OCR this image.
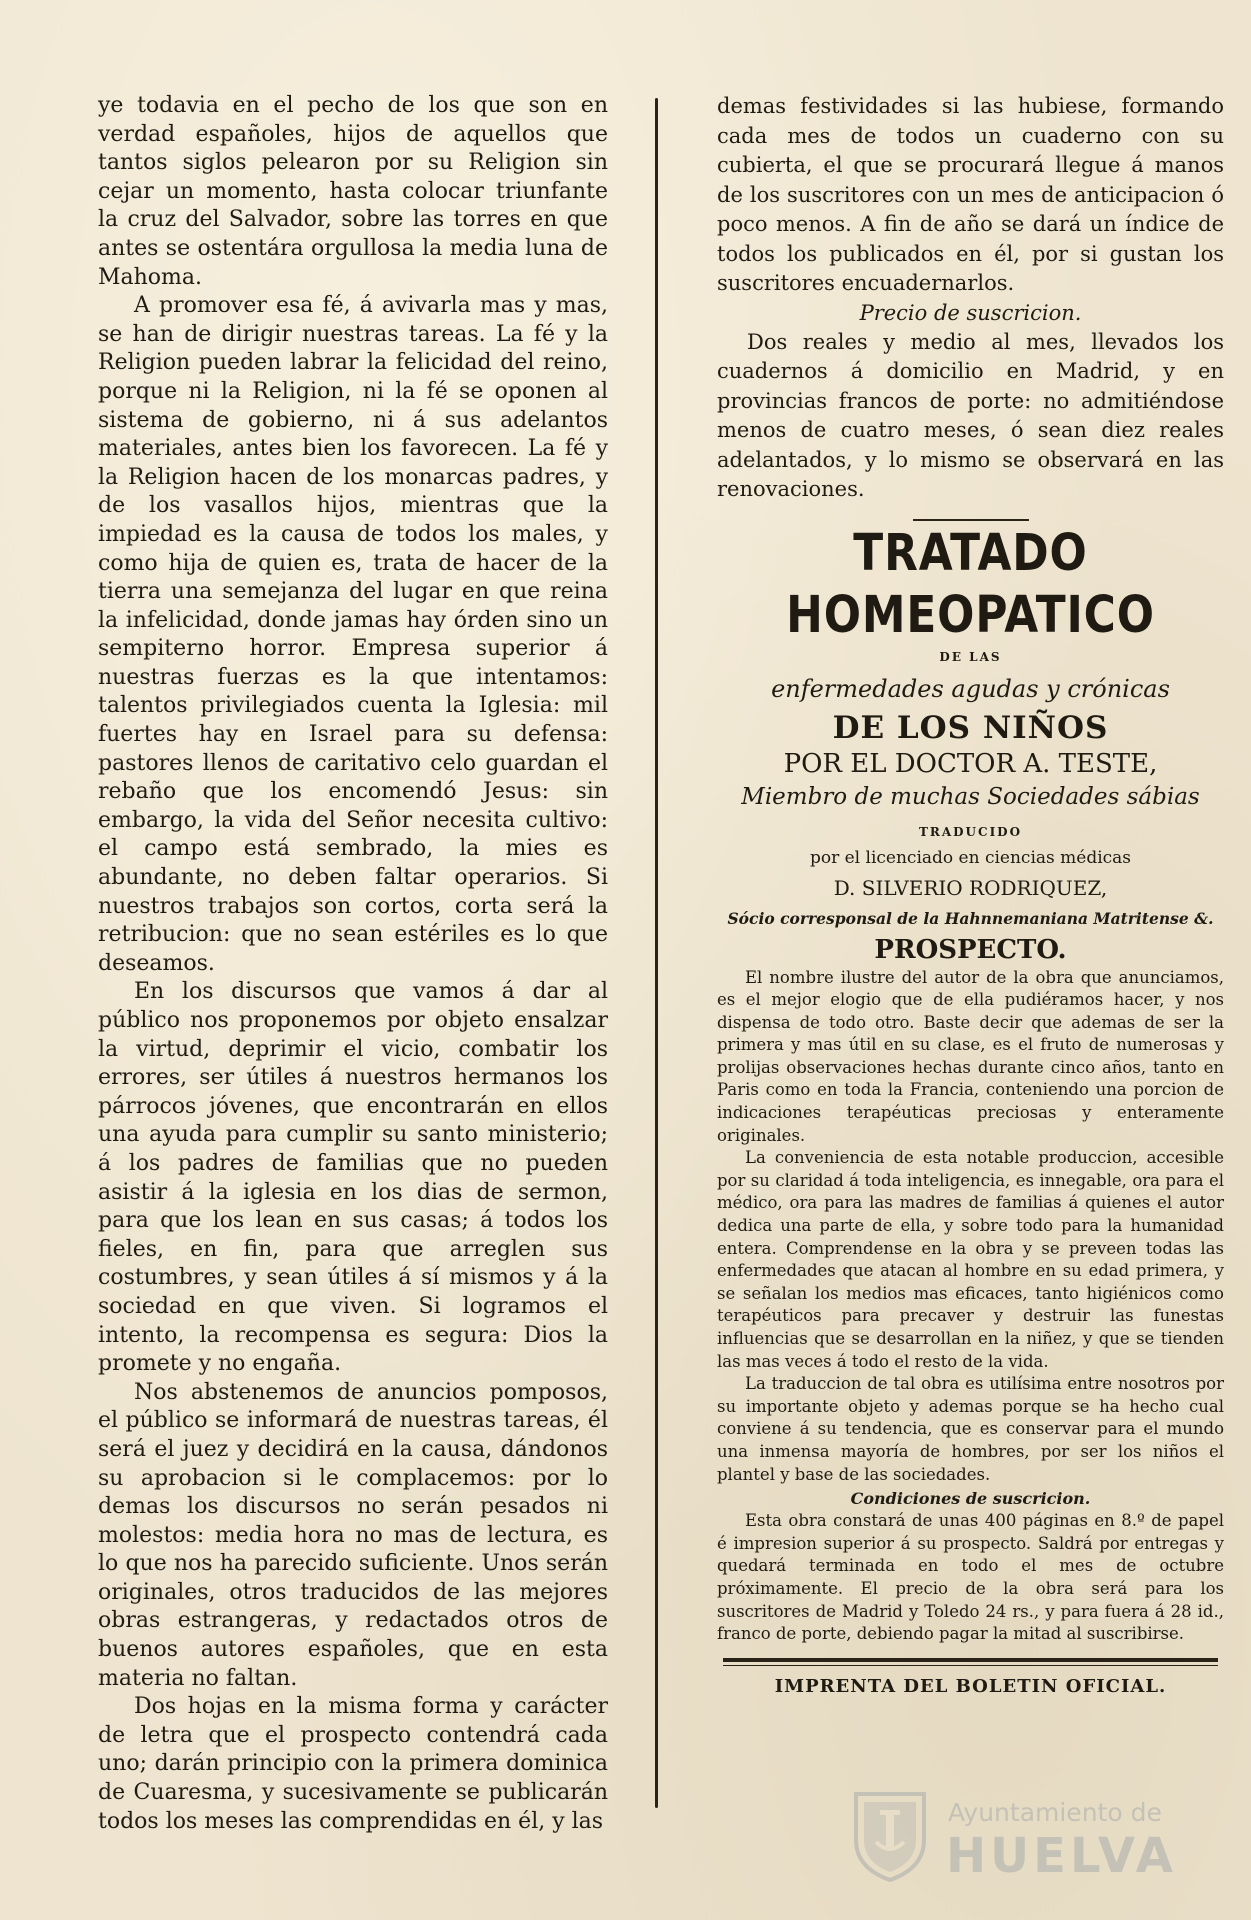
ye todavia en el pecho de los que son en verdad españoles, hijos de aquellos que tantos siglos pelearon por su Religion sin cejar un momento, hasta colocar triunfante la cruz del Salvador, sobre las torres en que antes se ostentára orgullosa la media luna de Mahoma.

A promover esa fé, á avivarla mas y mas, se han de dirigir nuestras tareas. La fé y la Religion pueden labrar la felicidad del reino, porque ni la Religion, ni la fé se oponen al sistema de gobierno, ni á sus adelantos materiales, antes bien los favorecen. La fé y la Religion hacen de los monarcas padres, y de los vasallos hijos, mientras que la impiedad es la causa de todos los males, y como hija de quien es, trata de hacer de la tierra una semejanza del lugar en que reina la infelicidad, donde jamas hay órden sino un sempiterno horror. Empresa superior á nuestras fuerzas es la que intentamos: talentos privilegiados cuenta la Iglesia: mil fuertes hay en Israel para su defensa: pastores llenos de caritativo celo guardan el rebaño que los encomendó Jesus: sin embargo, la vida del Señor necesita cultivo: el campo está sembrado, la mies es abundante, no deben faltar operarios. Si nuestros trabajos son cortos, corta será la retribucion: que no sean estériles es lo que deseamos.

En los discursos que vamos á dar al público nos proponemos por objeto ensalzar la virtud, deprimir el vicio, combatir los errores, ser útiles á nuestros hermanos los párrocos jóvenes, que encontrarán en ellos una ayuda para cumplir su santo ministerio; á los padres de familias que no pueden asistir á la iglesia en los dias de sermon, para que los lean en sus casas; á todos los fieles, en fin, para que arreglen sus costumbres, y sean útiles á sí mismos y á la sociedad en que viven. Si logramos el intento, la recompensa es segura: Dios la promete y no engaña.

Nos abstenemos de anuncios pomposos, el público se informará de nuestras tareas, él será el juez y decidirá en la causa, dándonos su aprobacion si le complacemos: por lo demas los discursos no serán pesados ni molestos: media hora no mas de lectura, es lo que nos ha parecido suficiente. Unos serán originales, otros traducidos de las mejores obras estrangeras, y redactados otros de buenos autores españoles, que en esta materia no faltan.

Dos hojas en la misma forma y carácter de letra que el prospecto contendrá cada uno; darán principio con la primera dominica de Cuaresma, y sucesivamente se publicarán todos los meses las comprendidas en él, y las

demas festividades si las hubiese, formando cada mes de todos un cuaderno con su cubierta, el que se procurará llegue á manos de los suscritores con un mes de anticipacion ó poco menos. A fin de año se dará un índice de todos los publicados en él, por si gustan los suscritores encuadernarlos.

Precio de suscricion.

Dos reales y medio al mes, llevados los cuadernos á domicilio en Madrid, y en provincias francos de porte: no admitiéndose menos de cuatro meses, ó sean diez reales adelantados, y lo mismo se observará en las renovaciones.

TRATADO HOMEOPATICO

DE LAS

enfermedades agudas y crónicas

DE LOS NIÑOS

POR EL DOCTOR A. TESTE,

Miembro de muchas Sociedades sábias

TRADUCIDO

por el licenciado en ciencias médicas

D. SILVERIO RODRIQUEZ,

Sócio corresponsal de la Hahnnemaniana Matritense &.

PROSPECTO.

El nombre ilustre del autor de la obra que anunciamos, es el mejor elogio que de ella pudiéramos hacer, y nos dispensa de todo otro. Baste decir que ademas de ser la primera y mas útil en su clase, es el fruto de numerosas y prolijas observaciones hechas durante cinco años, tanto en Paris como en toda la Francia, conteniendo una porcion de indicaciones terapéuticas preciosas y enteramente originales.

La conveniencia de esta notable produccion, accesible por su claridad á toda inteligencia, es innegable, ora para el médico, ora para las madres de familias á quienes el autor dedica una parte de ella, y sobre todo para la humanidad entera. Comprendense en la obra y se preveen todas las enfermedades que atacan al hombre en su edad primera, y se señalan los medios mas eficaces, tanto higiénicos como terapéuticos para precaver y destruir las funestas influencias que se desarrollan en la niñez, y que se tienden las mas veces á todo el resto de la vida.

La traduccion de tal obra es utilísima entre nosotros por su importante objeto y ademas porque se ha hecho cual conviene á su tendencia, que es conservar para el mundo una inmensa mayoría de hombres, por ser los niños el plantel y base de las sociedades.

Condiciones de suscricion.

Esta obra constará de unas 400 páginas en 8.º de papel é impresion superior á su prospecto. Saldrá por entregas y quedará terminada en todo el mes de octubre próximamente. El precio de la obra será para los suscritores de Madrid y Toledo 24 rs., y para fuera á 28 id., franco de porte, debiendo pagar la mitad al suscribirse.

IMPRENTA DEL BOLETIN OFICIAL.

Ayuntamiento de
HUELVA
